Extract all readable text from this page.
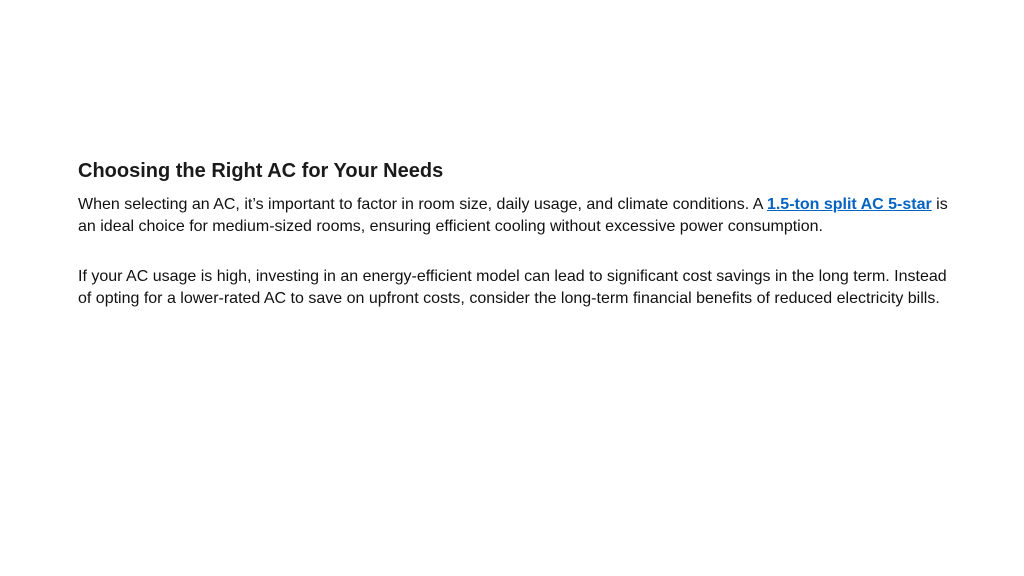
Choosing the Right AC for Your Needs

When selecting an AC, it’s important to factor in room size, daily usage, and climate conditions. A 1.5-ton split AC 5-star is an ideal choice for medium-sized rooms, ensuring efficient cooling without excessive power consumption.

If your AC usage is high, investing in an energy-efficient model can lead to significant cost savings in the long term. Instead of opting for a lower-rated AC to save on upfront costs, consider the long-term financial benefits of reduced electricity bills.
